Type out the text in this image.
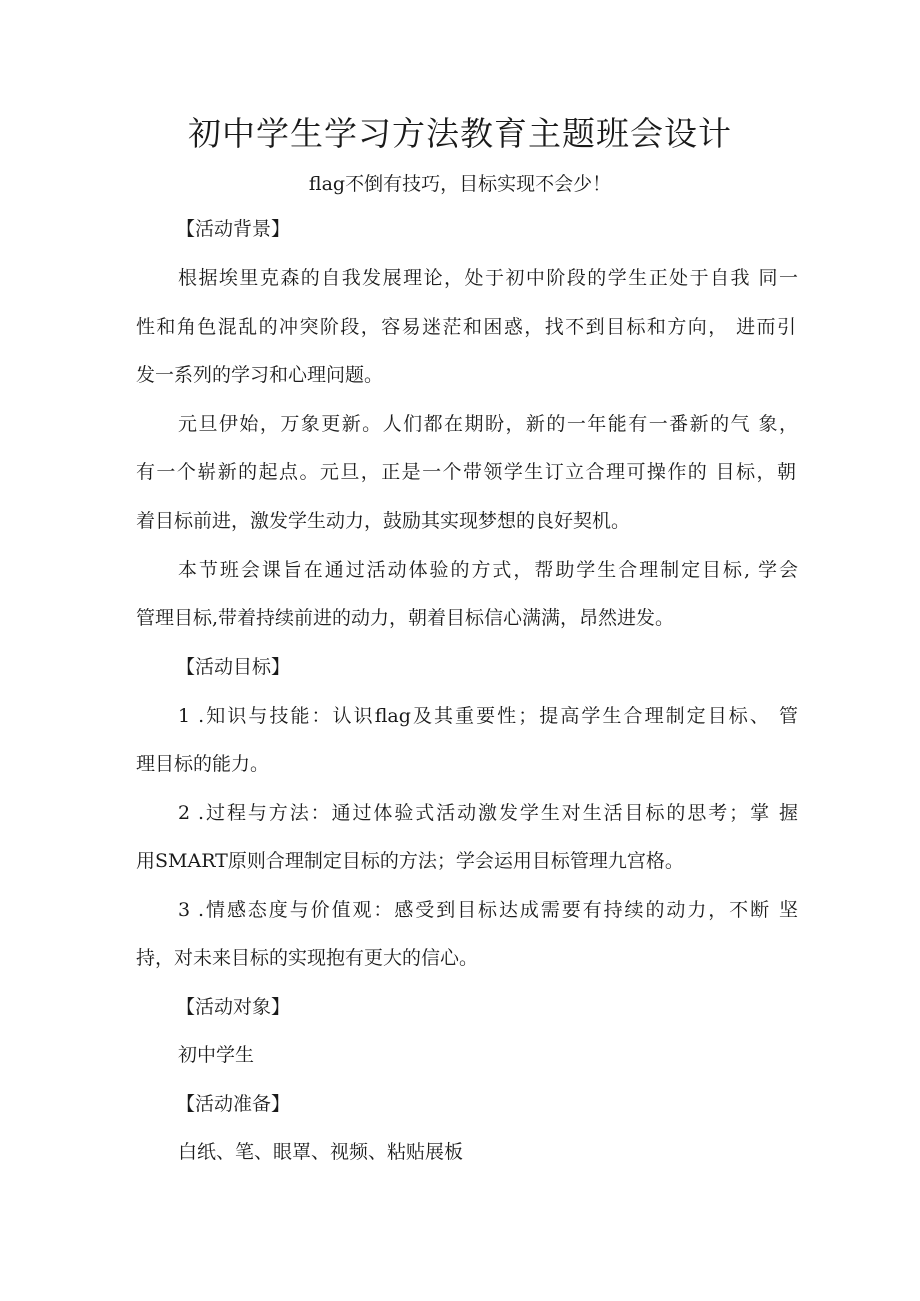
初中学生学习方法教育主题班会设计

flag不倒有技巧，目标实现不会少！

【活动背景】

根据埃里克森的自我发展理论，处于初中阶段的学生正处于自我 同一

性和角色混乱的冲突阶段，容易迷茫和困惑，找不到目标和方向， 进而引

发一系列的学习和心理问题。

元旦伊始，万象更新。人们都在期盼，新的一年能有一番新的气 象，

有一个崭新的起点。元旦，正是一个带领学生订立合理可操作的 目标，朝

着目标前进，激发学生动力，鼓励其实现梦想的良好契机。

本节班会课旨在通过活动体验的方式，帮助学生合理制定目标, 学会

管理目标,带着持续前进的动力，朝着目标信心满满，昂然进发。

【活动目标】

1 .知识与技能：认识flag及其重要性；提高学生合理制定目标、 管

理目标的能力。

2 .过程与方法：通过体验式活动激发学生对生活目标的思考；掌 握

用SMART原则合理制定目标的方法；学会运用目标管理九宫格。

3 .情感态度与价值观：感受到目标达成需要有持续的动力，不断 坚

持，对未来目标的实现抱有更大的信心。

【活动对象】

初中学生

【活动准备】

白纸、笔、眼罩、视频、粘贴展板
